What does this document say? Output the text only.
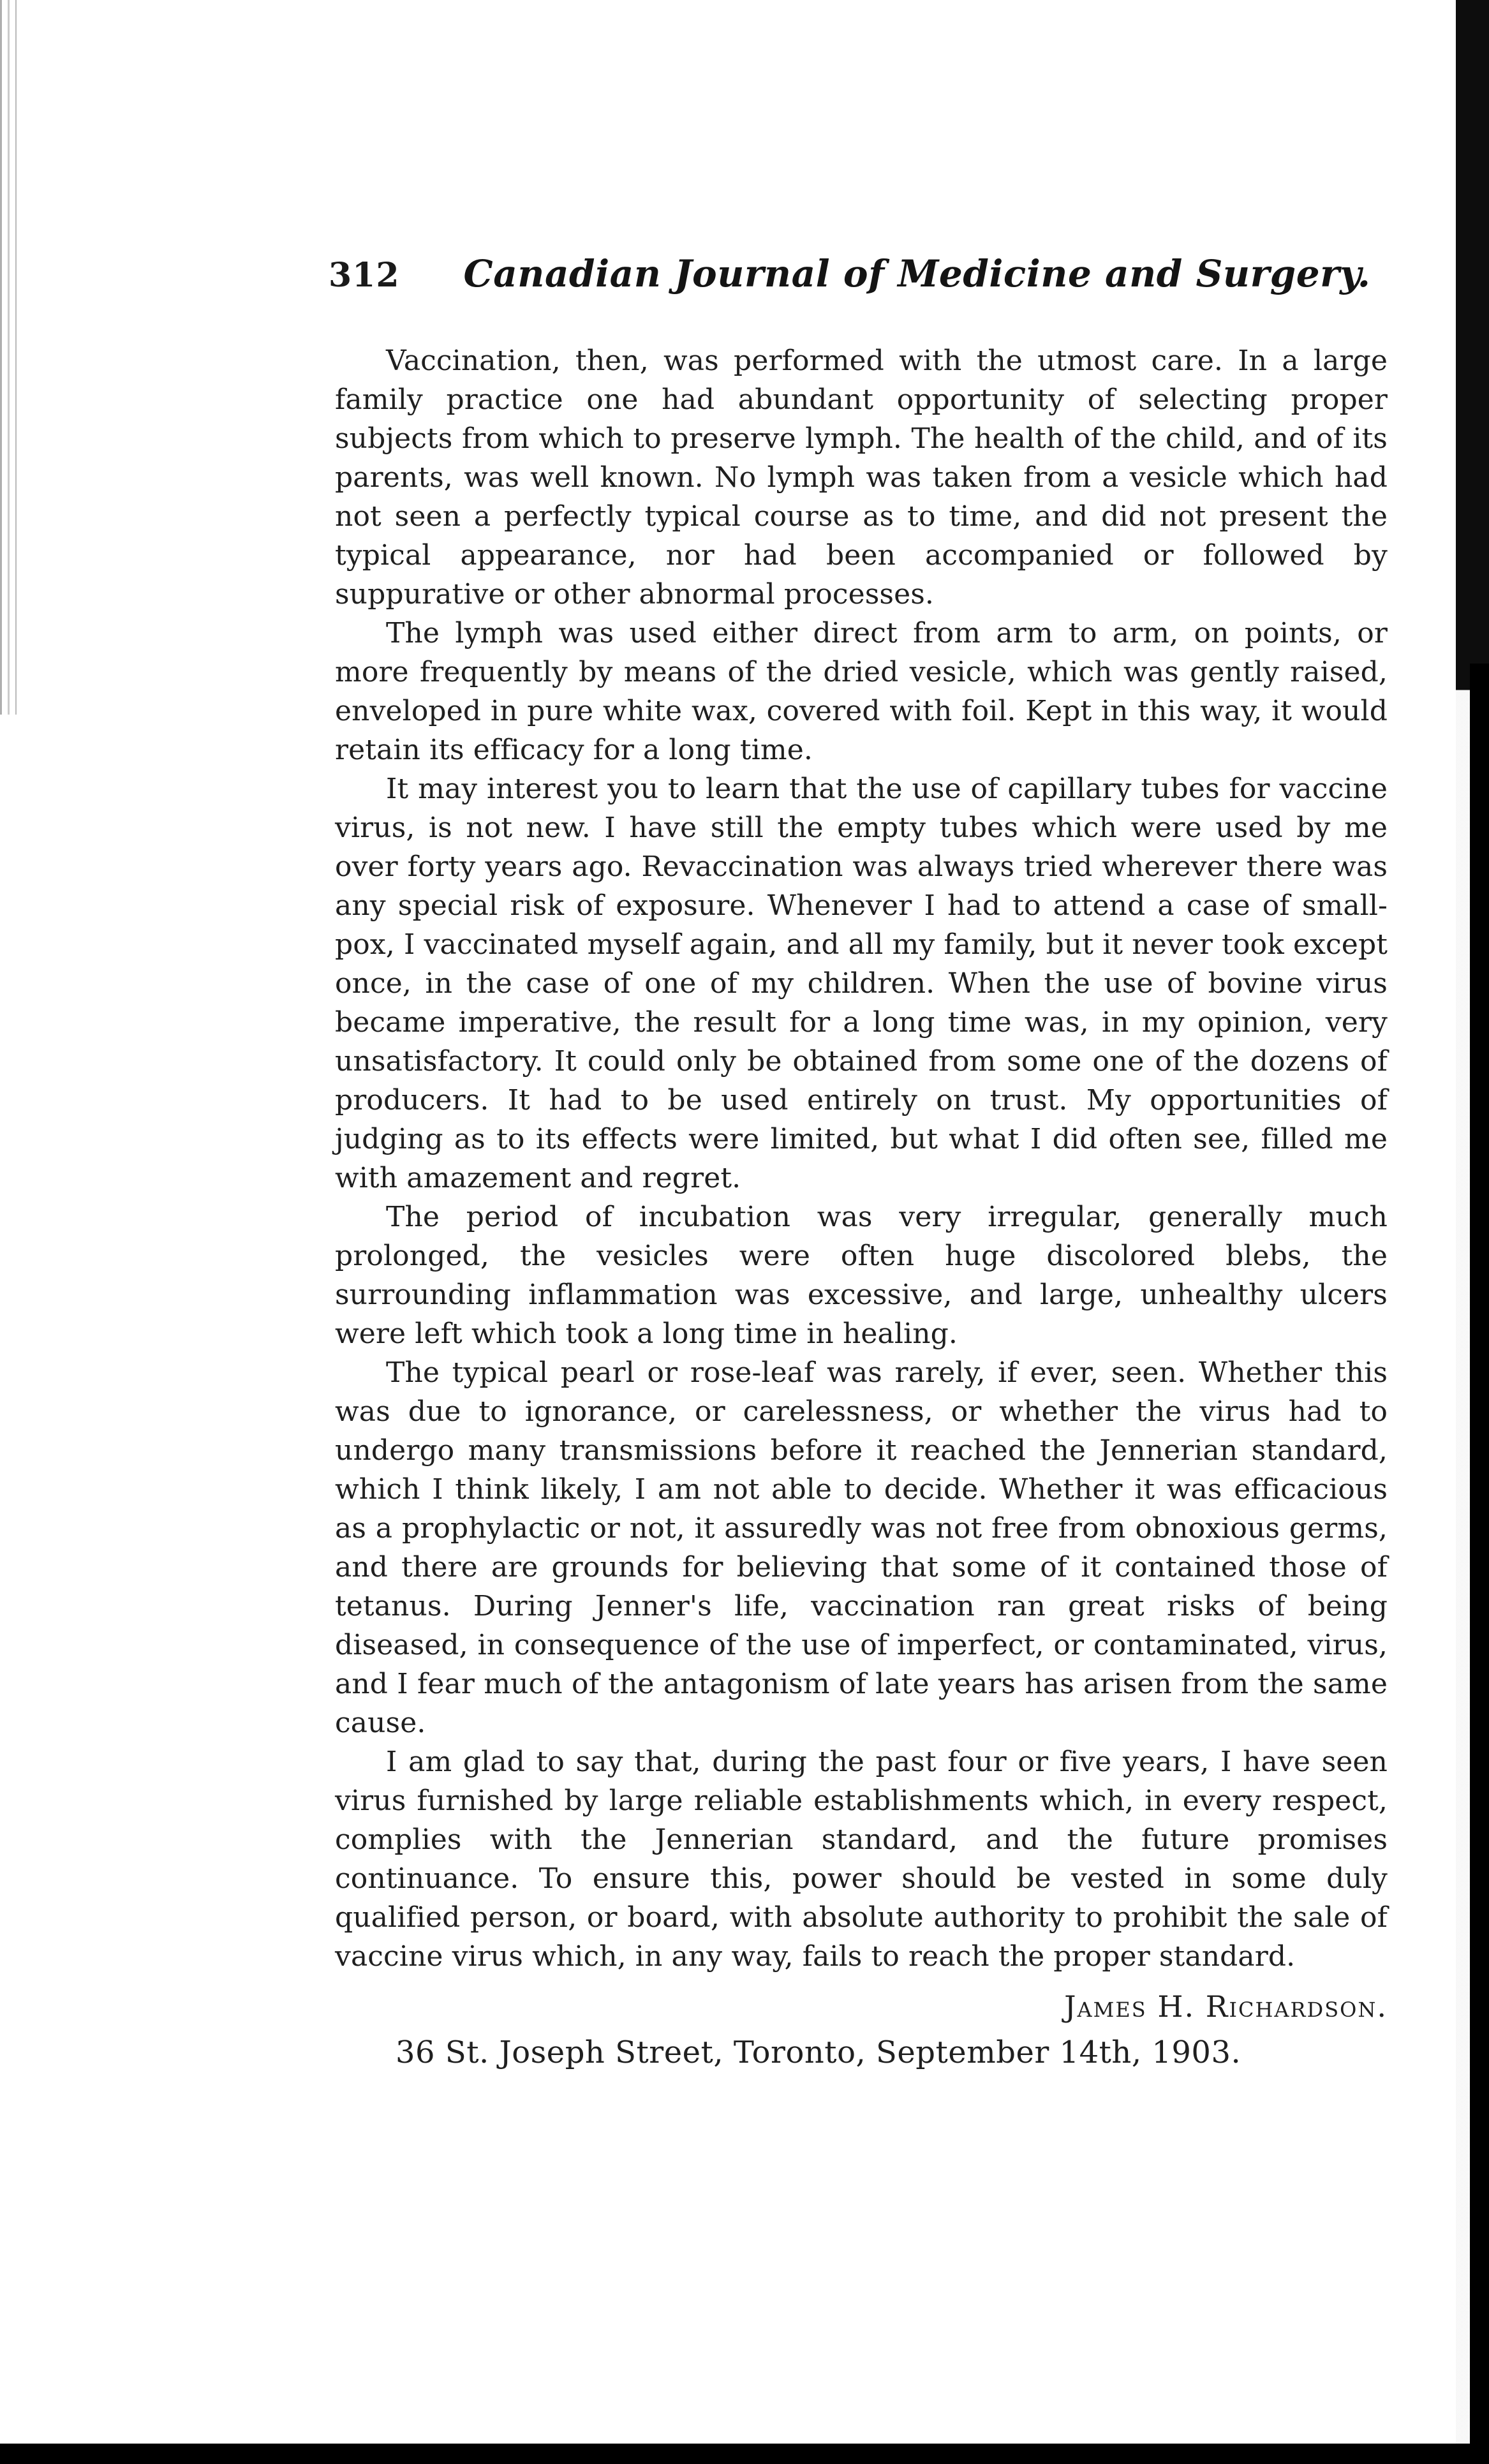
312 Canadian Journal of Medicine and Surgery.

Vaccination, then, was performed with the utmost care. In a large family practice one had abundant opportunity of selecting proper subjects from which to preserve lymph. The health of the child, and of its parents, was well known. No lymph was taken from a vesicle which had not seen a perfectly typical course as to time, and did not present the typical appearance, nor had been accompanied or followed by suppurative or other abnormal processes.

The lymph was used either direct from arm to arm, on points, or more frequently by means of the dried vesicle, which was gently raised, enveloped in pure white wax, covered with foil. Kept in this way, it would retain its efficacy for a long time.

It may interest you to learn that the use of capillary tubes for vaccine virus, is not new. I have still the empty tubes which were used by me over forty years ago. Revaccination was always tried wherever there was any special risk of exposure. Whenever I had to attend a case of small-pox, I vaccinated myself again, and all my family, but it never took except once, in the case of one of my children. When the use of bovine virus became imperative, the result for a long time was, in my opinion, very unsatisfactory. It could only be obtained from some one of the dozens of producers. It had to be used entirely on trust. My opportunities of judging as to its effects were limited, but what I did often see, filled me with amazement and regret.

The period of incubation was very irregular, generally much prolonged, the vesicles were often huge discolored blebs, the surrounding inflammation was excessive, and large, unhealthy ulcers were left which took a long time in healing.

The typical pearl or rose-leaf was rarely, if ever, seen. Whether this was due to ignorance, or carelessness, or whether the virus had to undergo many transmissions before it reached the Jennerian standard, which I think likely, I am not able to decide. Whether it was efficacious as a prophylactic or not, it assuredly was not free from obnoxious germs, and there are grounds for believing that some of it contained those of tetanus. During Jenner's life, vaccination ran great risks of being diseased, in consequence of the use of imperfect, or contaminated, virus, and I fear much of the antagonism of late years has arisen from the same cause.

I am glad to say that, during the past four or five years, I have seen virus furnished by large reliable establishments which, in every respect, complies with the Jennerian standard, and the future promises continuance. To ensure this, power should be vested in some duly qualified person, or board, with absolute authority to prohibit the sale of vaccine virus which, in any way, fails to reach the proper standard.

James H. Richardson.

36 St. Joseph Street, Toronto, September 14th, 1903.
